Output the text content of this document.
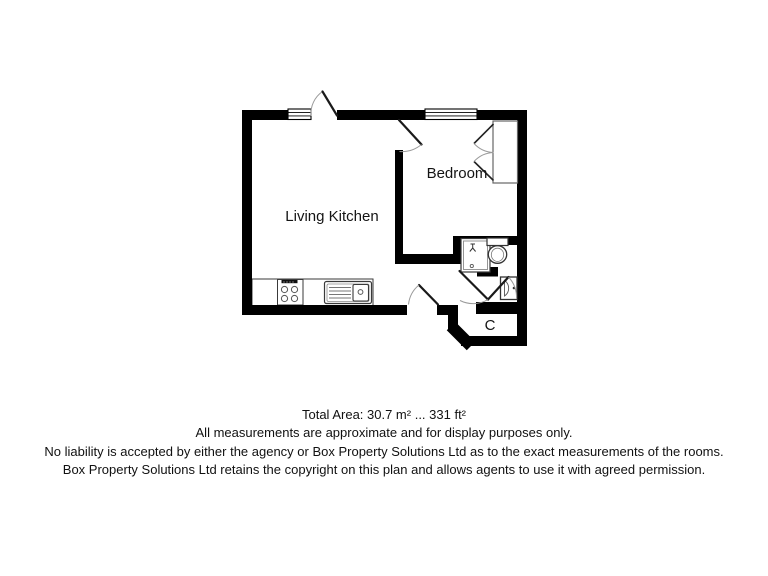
Living Kitchen
Bedroom
C
Total Area: 30.7 m² ... 331 ft²
All measurements are approximate and for display purposes only.
No liability is accepted by either the agency or Box Property Solutions Ltd as to the exact measurements of the rooms.
Box Property Solutions Ltd retains the copyright on this plan and allows agents to use it with agreed permission.
